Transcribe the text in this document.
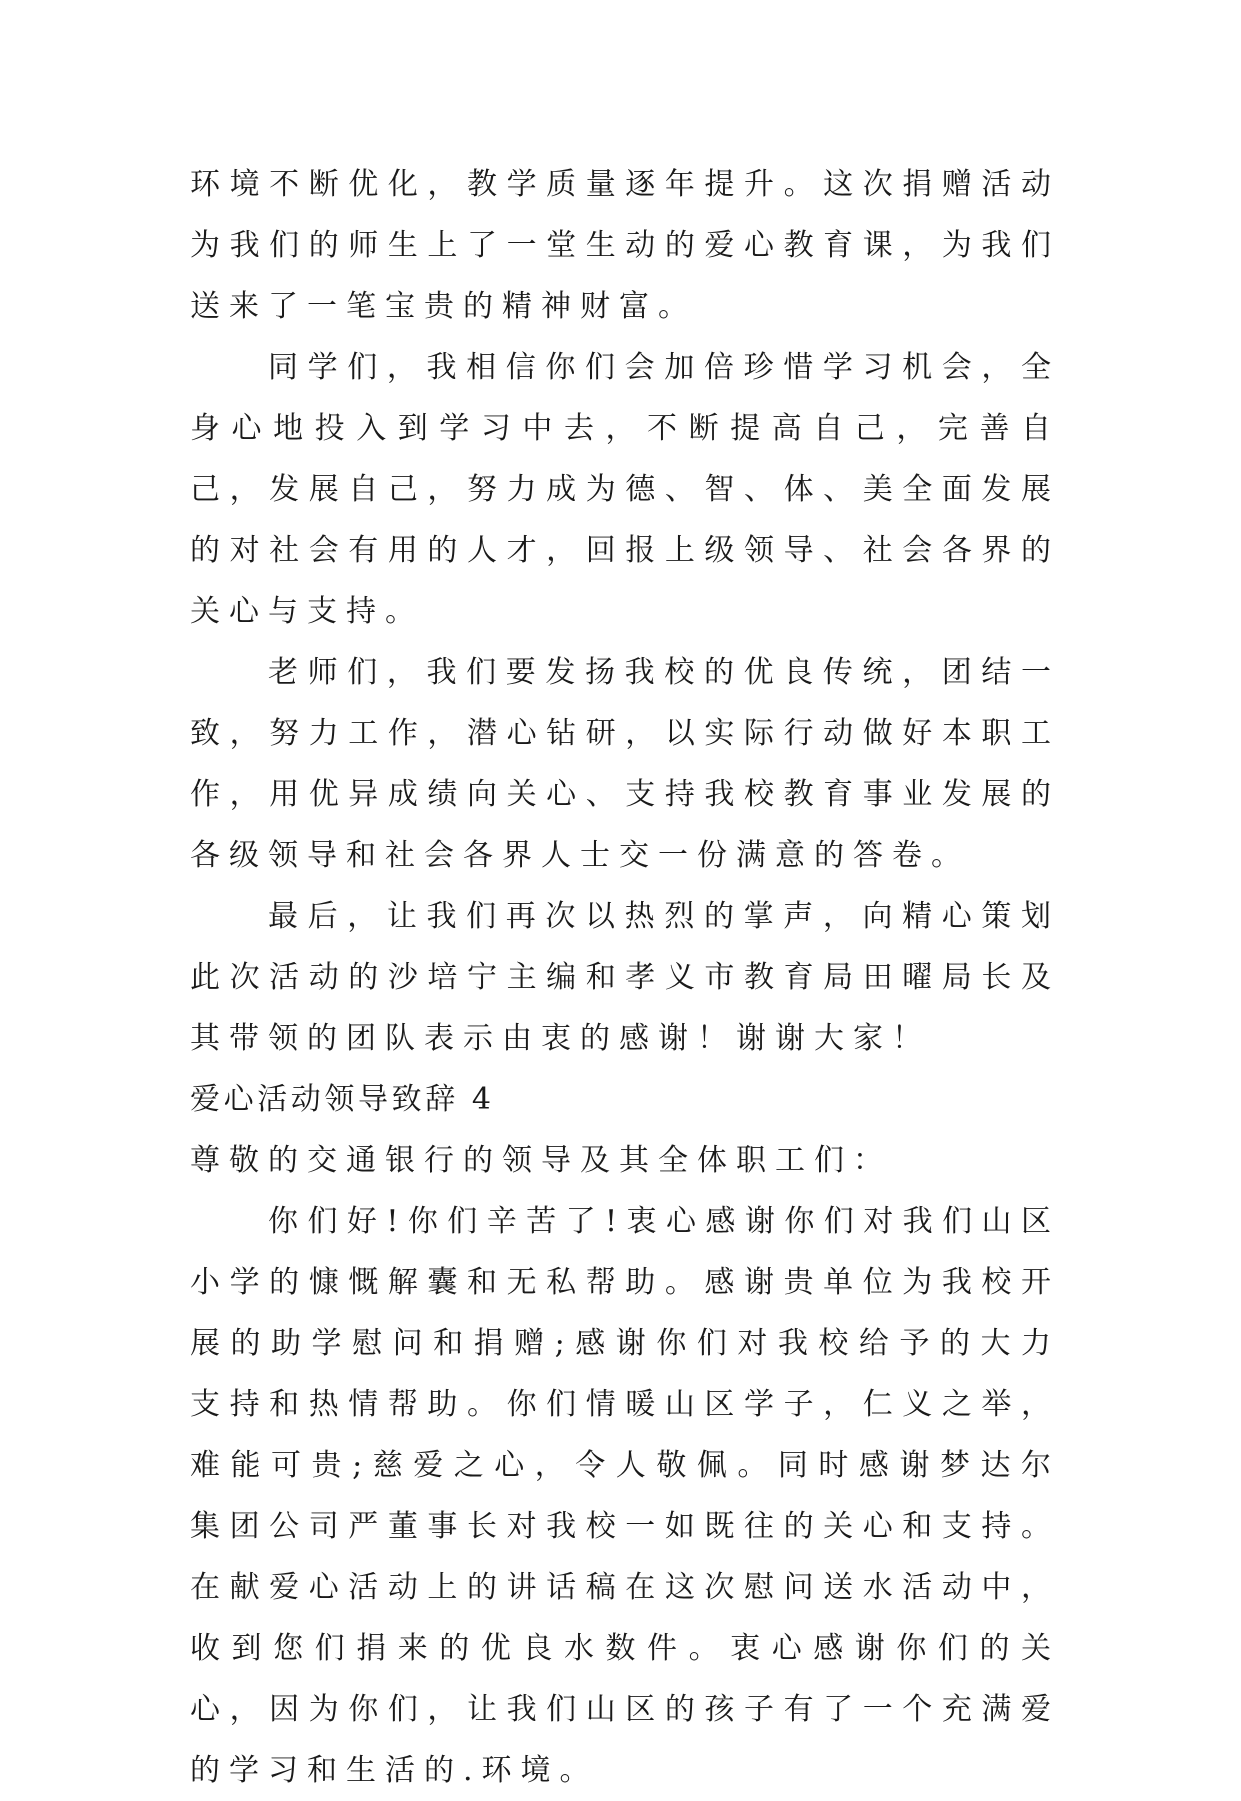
环境不断优化，教学质量逐年提升。这次捐赠活动为我们的师生上了一堂生动的爱心教育课，为我们送来了一笔宝贵的精神财富。

同学们，我相信你们会加倍珍惜学习机会，全身心地投入到学习中去，不断提高自己，完善自己，发展自己，努力成为德、智、体、美全面发展的对社会有用的人才，回报上级领导、社会各界的关心与支持。

老师们，我们要发扬我校的优良传统，团结一致，努力工作，潜心钻研，以实际行动做好本职工作，用优异成绩向关心、支持我校教育事业发展的各级领导和社会各界人士交一份满意的答卷。

最后，让我们再次以热烈的掌声，向精心策划此次活动的沙培宁主编和孝义市教育局田曜局长及其带领的团队表示由衷的感谢！谢谢大家！

爱心活动领导致辞 4

尊敬的交通银行的领导及其全体职工们：

你们好!你们辛苦了!衷心感谢你们对我们山区小学的慷慨解囊和无私帮助。感谢贵单位为我校开展的助学慰问和捐赠;感谢你们对我校给予的大力支持和热情帮助。你们情暖山区学子，仁义之举，难能可贵;慈爱之心，令人敬佩。同时感谢梦达尔集团公司严董事长对我校一如既往的关心和支持。在献爱心活动上的讲话稿在这次慰问送水活动中，收到您们捐来的优良水数件。衷心感谢你们的关心，因为你们，让我们山区的孩子有了一个充满爱的学习和生活的.环境。
